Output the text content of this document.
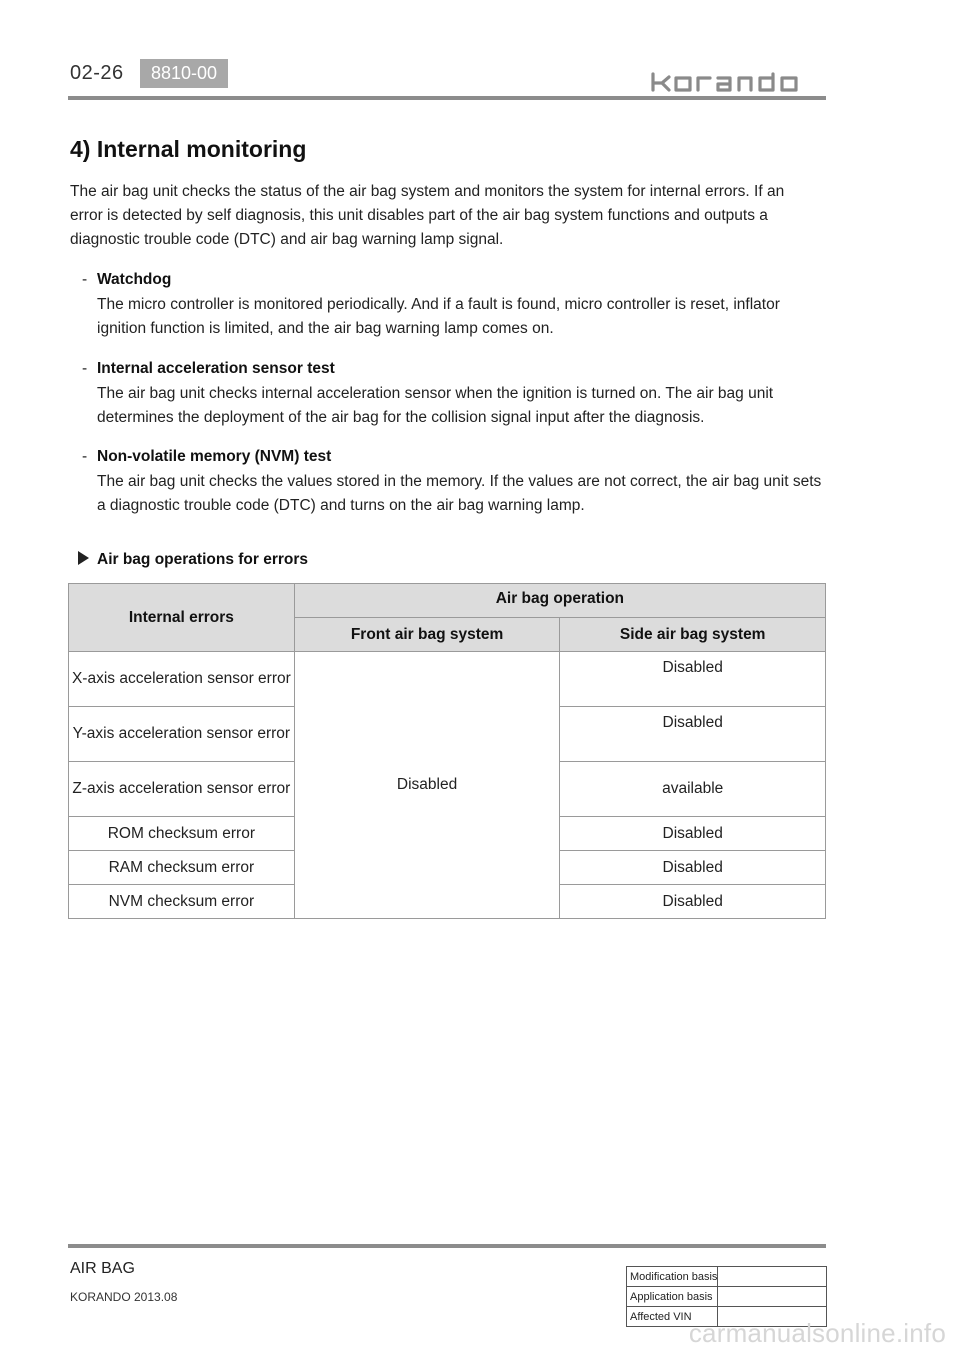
02-26	8810-00
4) Internal monitoring

The air bag unit checks the status of the air bag system and monitors the system for internal errors. If an error is detected by self diagnosis, this unit disables part of the air bag system functions and outputs a diagnostic trouble code (DTC) and air bag warning lamp signal.

- Watchdog
The micro controller is monitored periodically. And if a fault is found, micro controller is reset, inflator ignition function is limited, and the air bag warning lamp comes on.
- Internal acceleration sensor test
The air bag unit checks internal acceleration sensor when the ignition is turned on. The air bag unit determines the deployment of the air bag for the collision signal input after the diagnosis.
- Non-volatile memory (NVM) test
The air bag unit checks the values stored in the memory. If the values are not correct, the air bag unit sets a diagnostic trouble code (DTC) and turns on the air bag warning lamp.
Air bag operations for errors
Internal errors	Air bag operation	
	Front air bag system	Side air bag system
X-axis acceleration sensor error	Disabled	Disabled
Y-axis acceleration sensor error		Disabled
Z-axis acceleration sensor error		available
ROM checksum error		Disabled
RAM checksum error		Disabled
NVM checksum error		Disabled
AIR BAG
KORANDO 2013.08
Modification basis	
Application basis	
Affected VIN	
carmanualsonline.info
